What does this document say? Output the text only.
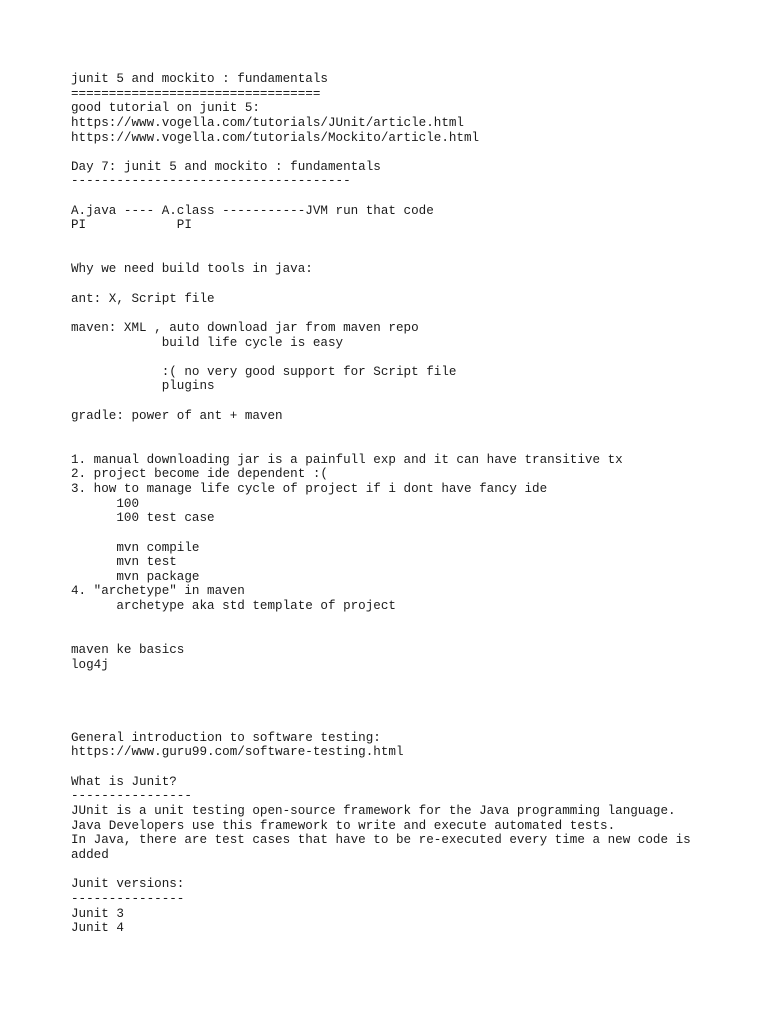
junit 5 and mockito : fundamentals
=================================
good tutorial on junit 5:
https://www.vogella.com/tutorials/JUnit/article.html
https://www.vogella.com/tutorials/Mockito/article.html
Day 7: junit 5 and mockito : fundamentals
-------------------------------------
A.java ---- A.class -----------JVM run that code
PI            PI
Why we need build tools in java:
ant: X, Script file
maven: XML , auto download jar from maven repo
build life cycle is easy
:( no very good support for Script file
plugins
gradle: power of ant + maven
1. manual downloading jar is a painfull exp and it can have transitive tx
2. project become ide dependent :(
3. how to manage life cycle of project if i dont have fancy ide
100
100 test case
mvn compile
mvn test
mvn package
4. "archetype" in maven
archetype aka std template of project
maven ke basics
log4j
General introduction to software testing:
https://www.guru99.com/software-testing.html
What is Junit?
----------------
JUnit is a unit testing open-source framework for the Java programming language.
Java Developers use this framework to write and execute automated tests.
In Java, there are test cases that have to be re-executed every time a new code is
added
Junit versions:
---------------
Junit 3
Junit 4
